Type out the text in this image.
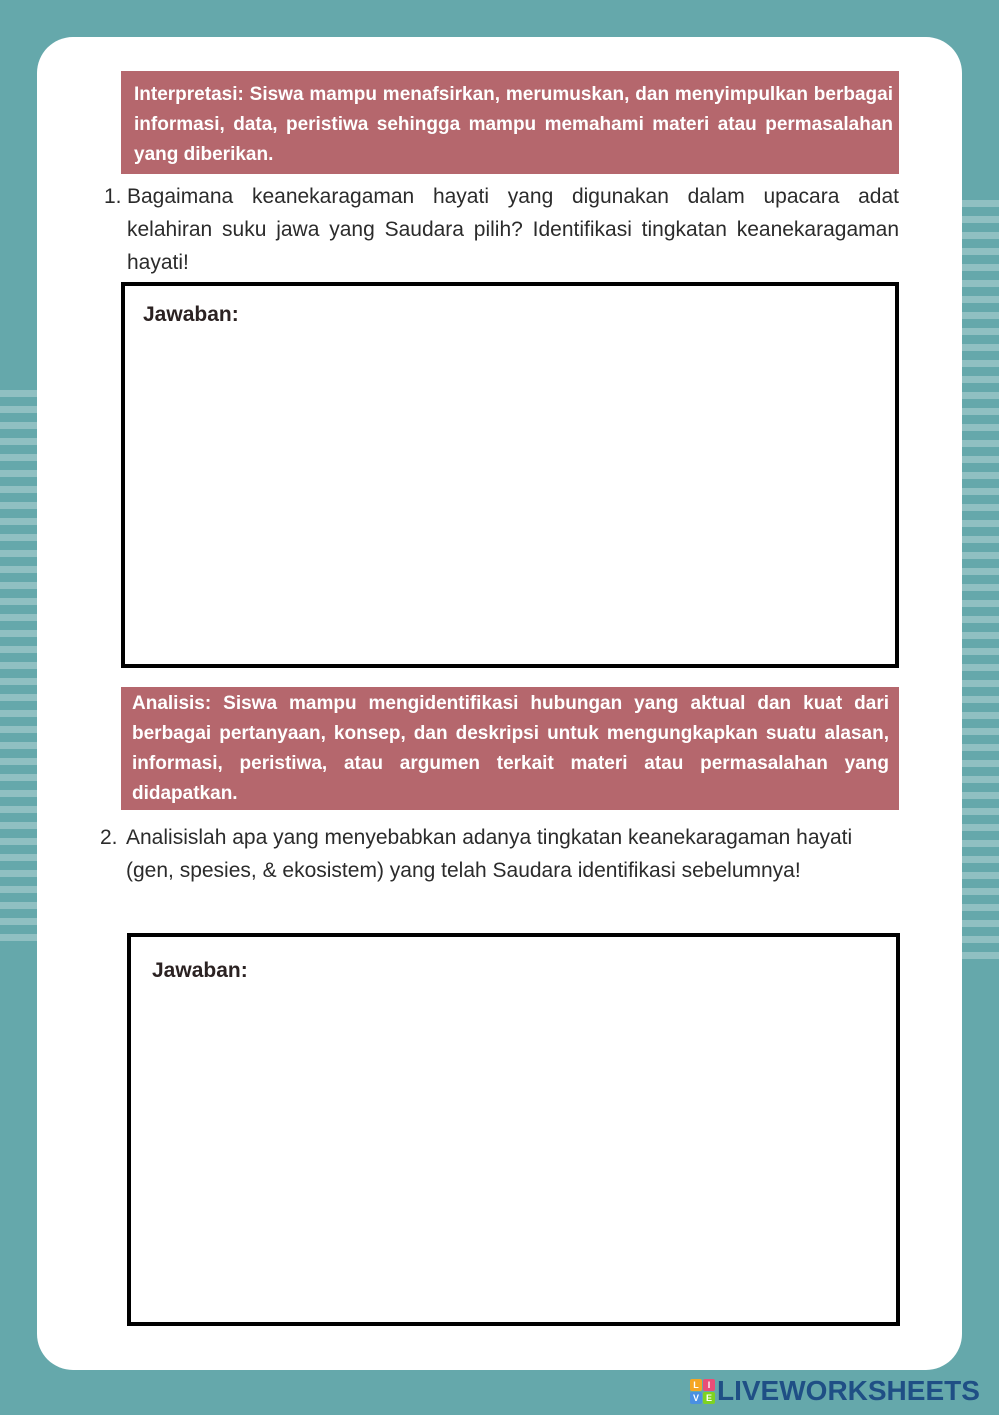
Interpretasi: Siswa mampu menafsirkan, merumuskan, dan menyimpulkan berbagai informasi, data, peristiwa sehingga mampu memahami materi atau permasalahan yang diberikan.
1. Bagaimana keanekaragaman hayati yang digunakan dalam upacara adat kelahiran suku jawa yang Saudara pilih? Identifikasi tingkatan keanekaragaman hayati!
Jawaban:
Analisis: Siswa mampu mengidentifikasi hubungan yang aktual dan kuat dari berbagai pertanyaan, konsep, dan deskripsi untuk mengungkapkan suatu alasan, informasi, peristiwa, atau argumen terkait materi atau permasalahan yang didapatkan.
2. Analisislah apa yang menyebabkan adanya tingkatan keanekaragaman hayati (gen, spesies, & ekosistem) yang telah Saudara identifikasi sebelumnya!
Jawaban:
L I
V E LIVEWORKSHEETS
